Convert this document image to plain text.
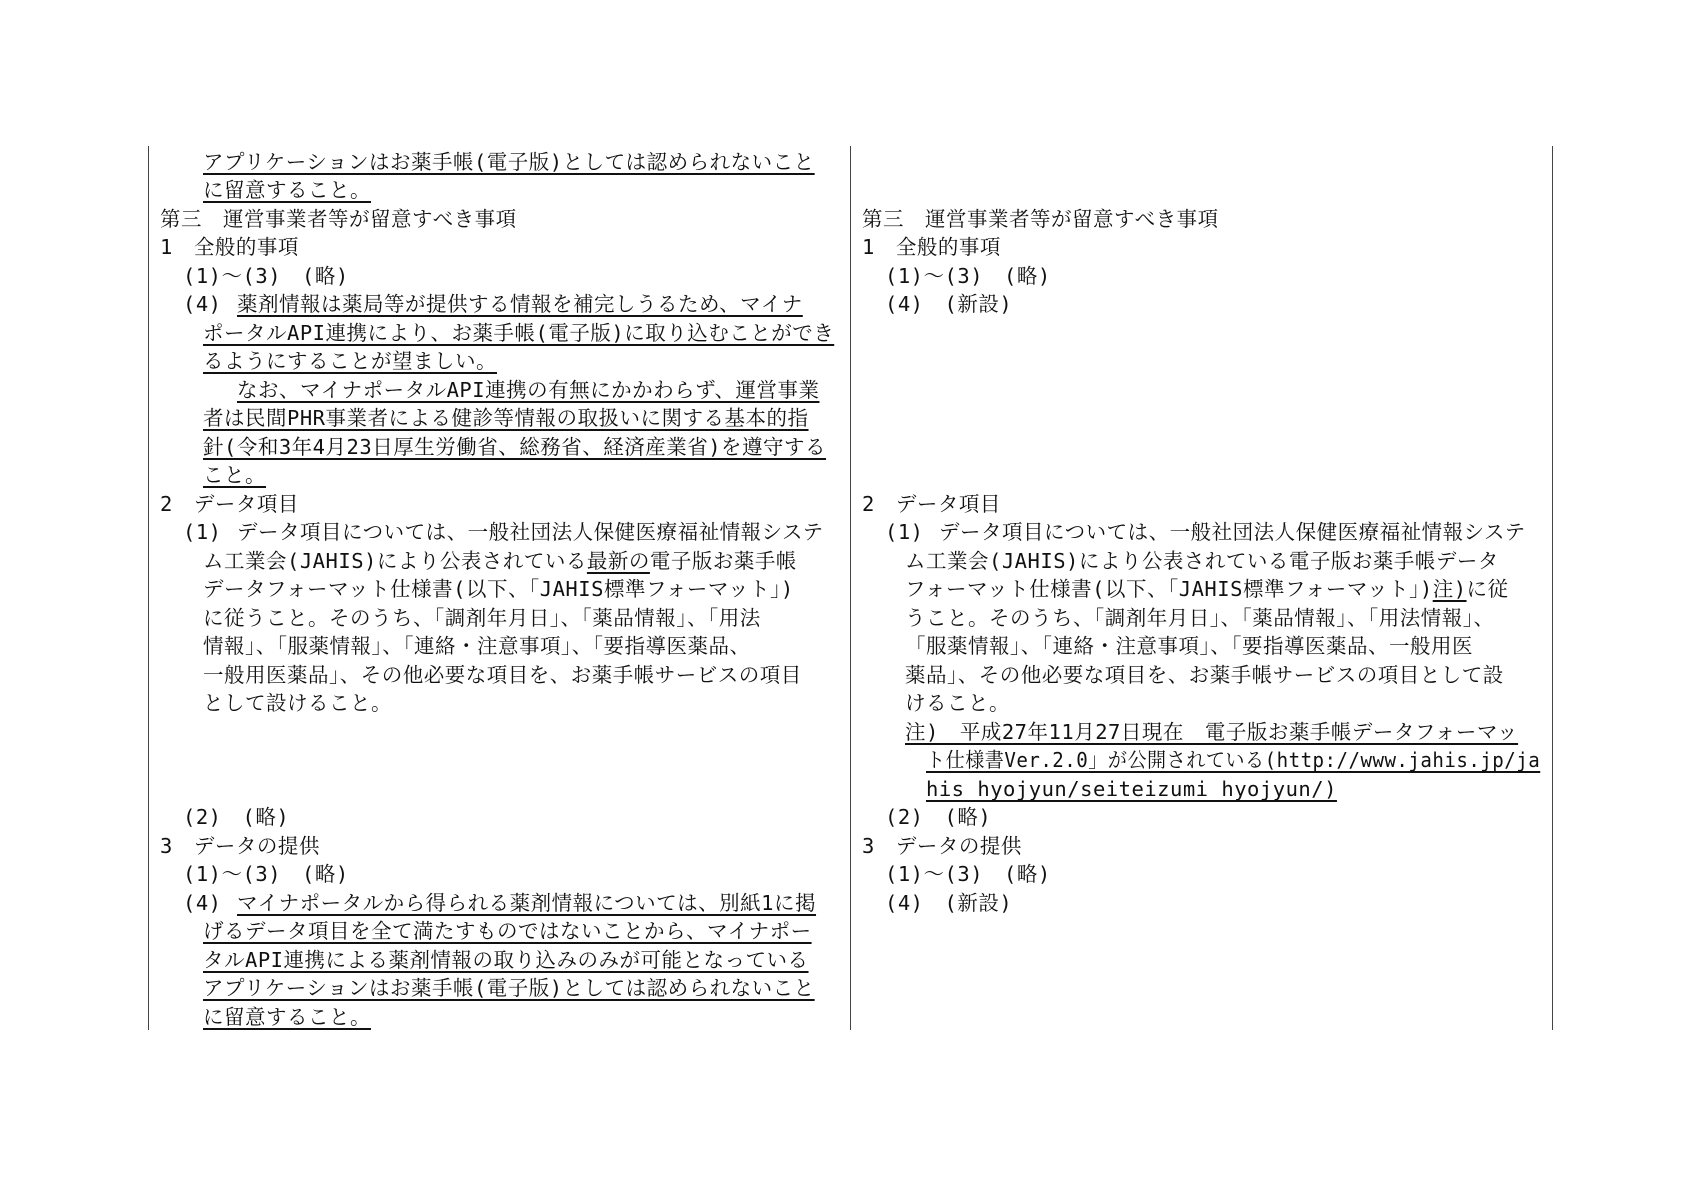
アプリケーションはお薬手帳(電子版)としては認められないこと
に留意すること。
第三　運営事業者等が留意すべき事項
1　全般的事項
(1)～(3)　(略)
(4) 薬剤情報は薬局等が提供する情報を補完しうるため、マイナ
ポータルAPI連携により、お薬手帳(電子版)に取り込むことができ
るようにすることが望ましい。
なお、マイナポータルAPI連携の有無にかかわらず、運営事業
者は民間PHR事業者による健診等情報の取扱いに関する基本的指
針(令和3年4月23日厚生労働省、総務省、経済産業省)を遵守する
こと。
2　データ項目
(1) データ項目については、一般社団法人保健医療福祉情報システ
ム工業会(JAHIS)により公表されている最新の電子版お薬手帳
データフォーマット仕様書(以下、「JAHIS標準フォーマット」)
に従うこと。そのうち、「調剤年月日」、「薬品情報」、「用法
情報」、「服薬情報」、「連絡・注意事項」、「要指導医薬品、
一般用医薬品」、その他必要な項目を、お薬手帳サービスの項目
として設けること。
(2)　(略)
3　データの提供
(1)～(3)　(略)
(4) マイナポータルから得られる薬剤情報については、別紙1に掲
げるデータ項目を全て満たすものではないことから、マイナポー
タルAPI連携による薬剤情報の取り込みのみが可能となっている
アプリケーションはお薬手帳(電子版)としては認められないこと
に留意すること。
第三　運営事業者等が留意すべき事項
1　全般的事項
(1)～(3)　(略)
(4)　(新設)
2　データ項目
(1) データ項目については、一般社団法人保健医療福祉情報システ
ム工業会(JAHIS)により公表されている電子版お薬手帳データ
フォーマット仕様書(以下、「JAHIS標準フォーマット」)注)に従
うこと。そのうち、「調剤年月日」、「薬品情報」、「用法情報」、
「服薬情報」、「連絡・注意事項」、「要指導医薬品、一般用医
薬品」、その他必要な項目を、お薬手帳サービスの項目として設
けること。
注)　平成27年11月27日現在　電子版お薬手帳データフォーマッ
ト仕様書Ver.2.0」が公開されている(http://www.jahis.jp/ja
his_hyojyun/seiteizumi_hyojyun/)
(2)　(略)
3　データの提供
(1)～(3)　(略)
(4)　(新設)
